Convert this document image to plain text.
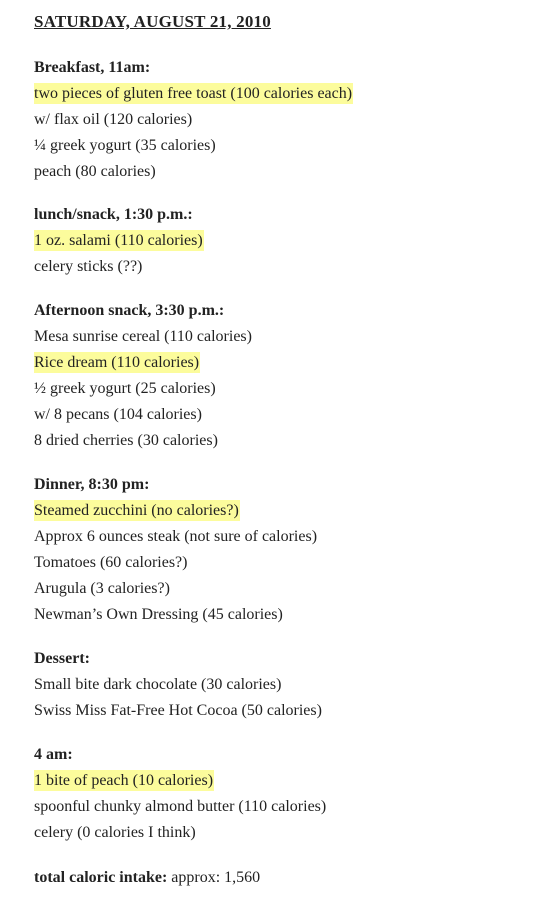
SATURDAY, AUGUST 21, 2010
Breakfast, 11am:
two pieces of gluten free toast (100 calories each)
w/ flax oil (120 calories)
¼ greek yogurt (35 calories)
peach (80 calories)
lunch/snack, 1:30 p.m.:
1 oz. salami (110 calories)
celery sticks (??)
Afternoon snack, 3:30 p.m.:
Mesa sunrise cereal (110 calories)
Rice dream (110 calories)
½ greek yogurt (25 calories)
w/ 8 pecans (104 calories)
8 dried cherries (30 calories)
Dinner, 8:30 pm:
Steamed zucchini (no calories?)
Approx 6 ounces steak (not sure of calories)
Tomatoes (60 calories?)
Arugula (3 calories?)
Newman’s Own Dressing (45 calories)
Dessert:
Small bite dark chocolate (30 calories)
Swiss Miss Fat-Free Hot Cocoa (50 calories)
4 am:
1 bite of peach (10 calories)
spoonful chunky almond butter (110 calories)
celery (0 calories I think)
total caloric intake: approx: 1,560
